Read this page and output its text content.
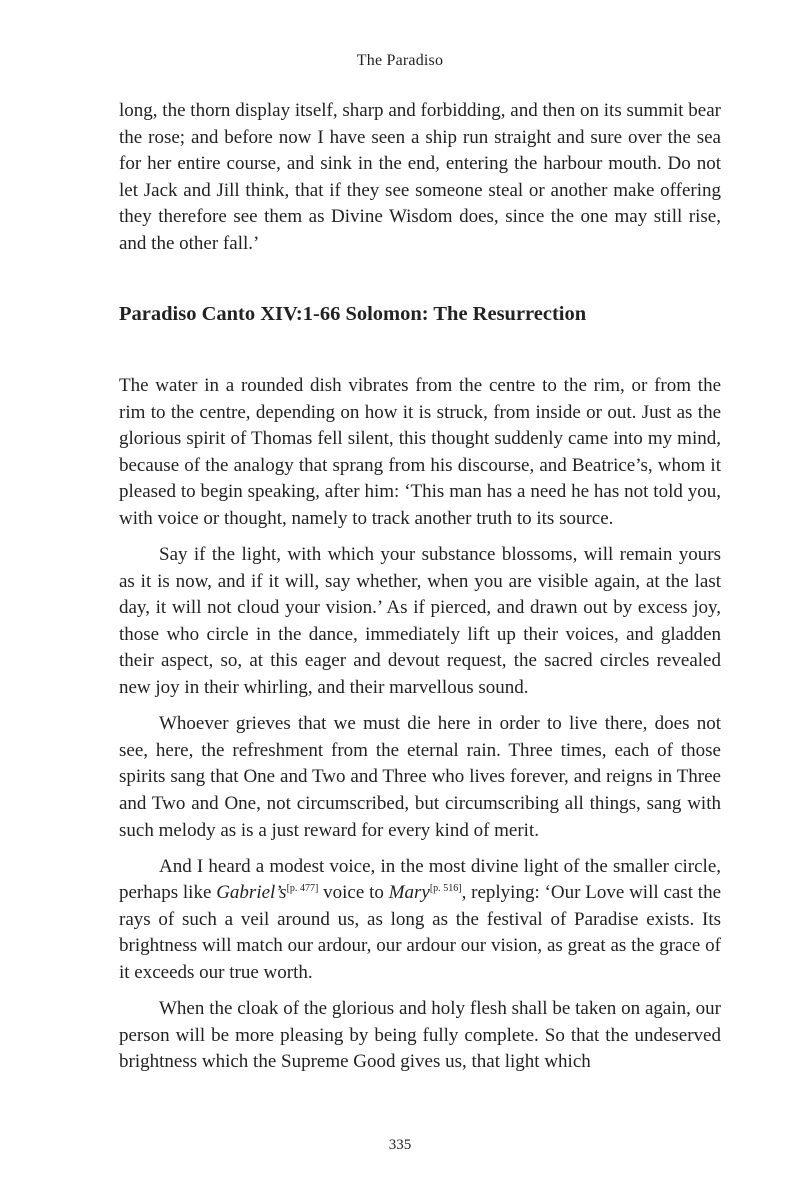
The Paradiso

long, the thorn display itself, sharp and forbidding, and then on its summit bear the rose; and before now I have seen a ship run straight and sure over the sea for her entire course, and sink in the end, entering the harbour mouth. Do not let Jack and Jill think, that if they see someone steal or another make offering they therefore see them as Divine Wisdom does, since the one may still rise, and the other fall.’

Paradiso Canto XIV:1-66 Solomon: The Resurrection

The water in a rounded dish vibrates from the centre to the rim, or from the rim to the centre, depending on how it is struck, from inside or out. Just as the glorious spirit of Thomas fell silent, this thought suddenly came into my mind, because of the analogy that sprang from his discourse, and Beatrice’s, whom it pleased to begin speaking, after him: ‘This man has a need he has not told you, with voice or thought, namely to track another truth to its source.

Say if the light, with which your substance blossoms, will remain yours as it is now, and if it will, say whether, when you are visible again, at the last day, it will not cloud your vision.’ As if pierced, and drawn out by excess joy, those who circle in the dance, immediately lift up their voices, and gladden their aspect, so, at this eager and devout request, the sacred circles revealed new joy in their whirling, and their marvellous sound.

Whoever grieves that we must die here in order to live there, does not see, here, the refreshment from the eternal rain. Three times, each of those spirits sang that One and Two and Three who lives forever, and reigns in Three and Two and One, not circumscribed, but circumscribing all things, sang with such melody as is a just reward for every kind of merit.

And I heard a modest voice, in the most divine light of the smaller circle, perhaps like Gabriel’s[p. 477] voice to Mary[p. 516], replying: ‘Our Love will cast the rays of such a veil around us, as long as the festival of Paradise exists. Its brightness will match our ardour, our ardour our vision, as great as the grace of it exceeds our true worth.

When the cloak of the glorious and holy flesh shall be taken on again, our person will be more pleasing by being fully complete. So that the undeserved brightness which the Supreme Good gives us, that light which

335
